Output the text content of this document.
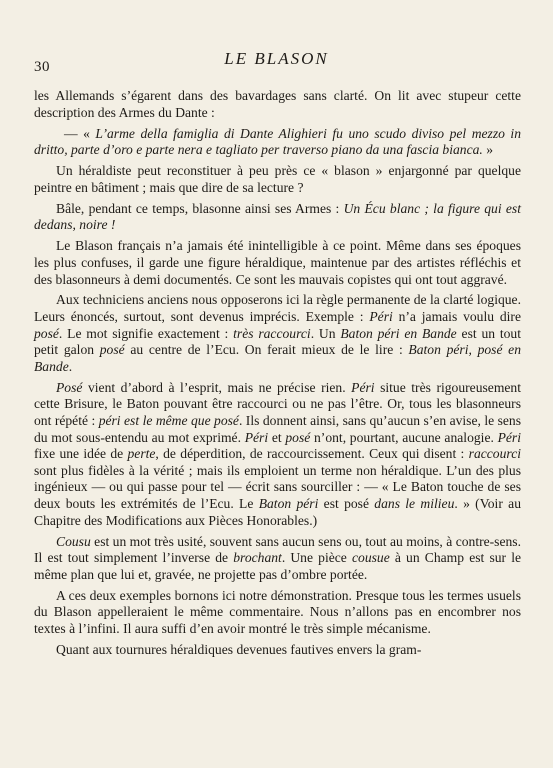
30	LE BLASON

les Allemands s’égarent dans des bavardages sans clarté. On lit avec stupeur cette description des Armes du Dante :

— « L’arme della famiglia di Dante Alighieri fu uno scudo diviso pel mezzo in dritto, parte d’oro e parte nera e tagliato per traverso piano da una fascia bianca. »

Un héraldiste peut reconstituer à peu près ce « blason » enjargonné par quelque peintre en bâtiment ; mais que dire de sa lecture ?

Bâle, pendant ce temps, blasonne ainsi ses Armes : Un Écu blanc ; la figure qui est dedans, noire !

Le Blason français n’a jamais été inintelligible à ce point. Même dans ses époques les plus confuses, il garde une figure héraldique, maintenue par des artistes réfléchis et des blasonneurs à demi documentés. Ce sont les mauvais copistes qui ont tout aggravé.

Aux techniciens anciens nous opposerons ici la règle permanente de la clarté logique. Leurs énoncés, surtout, sont devenus imprécis. Exemple : Péri n’a jamais voulu dire posé. Le mot signifie exactement : très raccourci. Un Baton péri en Bande est un tout petit galon posé au centre de l’Ecu. On ferait mieux de le lire : Baton péri, posé en Bande.

Posé vient d’abord à l’esprit, mais ne précise rien. Péri situe très rigoureusement cette Brisure, le Baton pouvant être raccourci ou ne pas l’être. Or, tous les blasonneurs ont répété : péri est le même que posé. Ils donnent ainsi, sans qu’aucun s’en avise, le sens du mot sous-entendu au mot exprimé. Péri et posé n’ont, pourtant, aucune analogie. Péri fixe une idée de perte, de déperdition, de raccourcissement. Ceux qui disent : raccourci sont plus fidèles à la vérité ; mais ils emploient un terme non héraldique. L’un des plus ingénieux — ou qui passe pour tel — écrit sans sourciller : — « Le Baton touche de ses deux bouts les extrémités de l’Ecu. Le Baton péri est posé dans le milieu. » (Voir au Chapitre des Modifications aux Pièces Honorables.)

Cousu est un mot très usité, souvent sans aucun sens ou, tout au moins, à contre-sens. Il est tout simplement l’inverse de brochant. Une pièce cousue à un Champ est sur le même plan que lui et, gravée, ne projette pas d’ombre portée.

A ces deux exemples bornons ici notre démonstration. Presque tous les termes usuels du Blason appelleraient le même commentaire. Nous n’allons pas en encombrer nos textes à l’infini. Il aura suffi d’en avoir montré le très simple mécanisme.

Quant aux tournures héraldiques devenues fautives envers la gram-
